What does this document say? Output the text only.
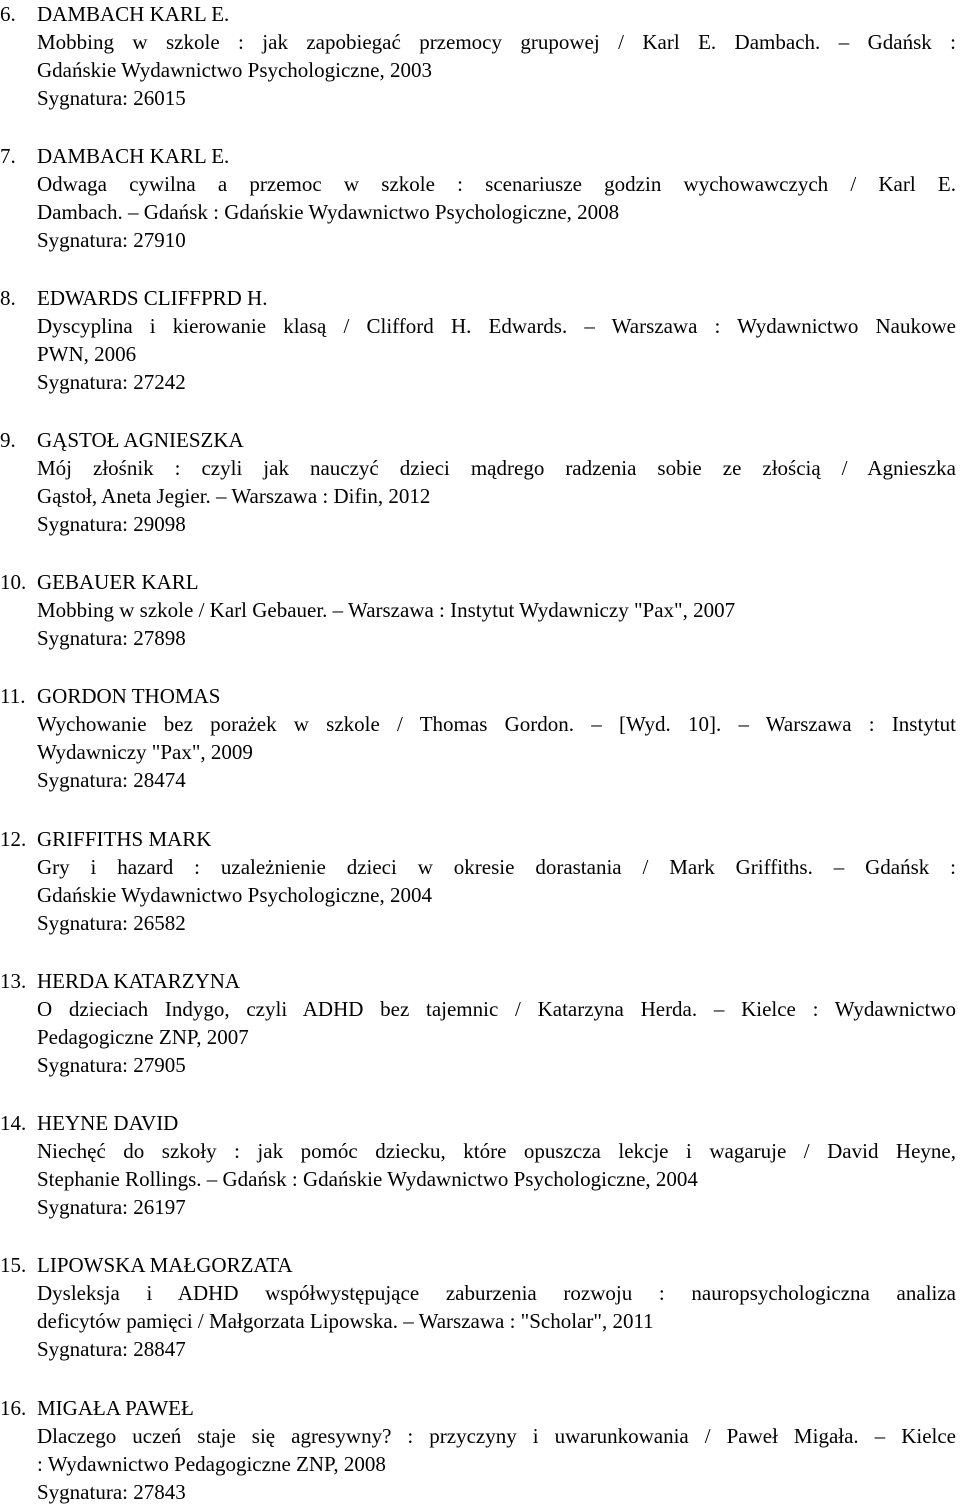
6. DAMBACH KARL E.
Mobbing w szkole : jak zapobiegać przemocy grupowej / Karl E. Dambach. – Gdańsk :
Gdańskie Wydawnictwo Psychologiczne, 2003
Sygnatura: 26015
7. DAMBACH KARL E.
Odwaga cywilna a przemoc w szkole : scenariusze godzin wychowawczych / Karl E.
Dambach. – Gdańsk : Gdańskie Wydawnictwo Psychologiczne, 2008
Sygnatura: 27910
8. EDWARDS CLIFFPRD H.
Dyscyplina i kierowanie klasą / Clifford H. Edwards. – Warszawa : Wydawnictwo Naukowe
PWN, 2006
Sygnatura: 27242
9. GĄSTOŁ AGNIESZKA
Mój złośnik : czyli jak nauczyć dzieci mądrego radzenia sobie ze złością / Agnieszka
Gąstoł, Aneta Jegier. – Warszawa : Difin, 2012
Sygnatura: 29098
10. GEBAUER KARL
Mobbing w szkole / Karl Gebauer. – Warszawa : Instytut Wydawniczy "Pax", 2007
Sygnatura: 27898
11. GORDON THOMAS
Wychowanie bez porażek w szkole / Thomas Gordon. – [Wyd. 10]. – Warszawa : Instytut
Wydawniczy "Pax", 2009
Sygnatura: 28474
12. GRIFFITHS MARK
Gry i hazard : uzależnienie dzieci w okresie dorastania / Mark Griffiths. – Gdańsk :
Gdańskie Wydawnictwo Psychologiczne, 2004
Sygnatura: 26582
13. HERDA KATARZYNA
O dzieciach Indygo, czyli ADHD bez tajemnic / Katarzyna Herda. – Kielce : Wydawnictwo
Pedagogiczne ZNP, 2007
Sygnatura: 27905
14. HEYNE DAVID
Niechęć do szkoły : jak pomóc dziecku, które opuszcza lekcje i wagaruje / David Heyne,
Stephanie Rollings. – Gdańsk : Gdańskie Wydawnictwo Psychologiczne, 2004
Sygnatura: 26197
15. LIPOWSKA MAŁGORZATA
Dysleksja i ADHD współwystępujące zaburzenia rozwoju : nauropsychologiczna analiza
deficytów pamięci / Małgorzata Lipowska. – Warszawa : "Scholar", 2011
Sygnatura: 28847
16. MIGAŁA PAWEŁ
Dlaczego uczeń staje się agresywny? : przyczyny i uwarunkowania / Paweł Migała. – Kielce
: Wydawnictwo Pedagogiczne ZNP, 2008
Sygnatura: 27843
